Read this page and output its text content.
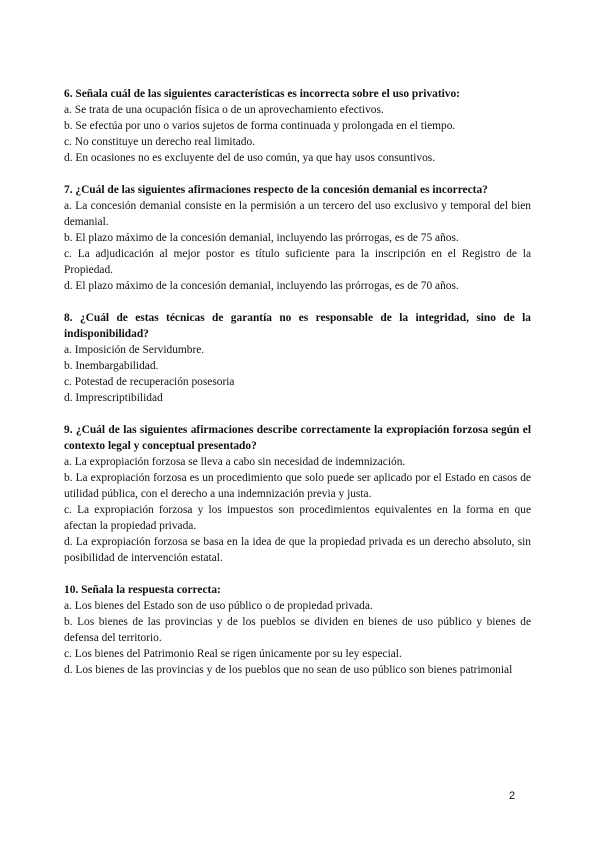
6. Señala cuál de las siguientes características es incorrecta sobre el uso privativo:

a. Se trata de una ocupación física o de un aprovechamiento efectivos.

b. Se efectúa por uno o varios sujetos de forma continuada y prolongada en el tiempo.

c. No constituye un derecho real limitado.

d. En ocasiones no es excluyente del de uso común, ya que hay usos consuntivos.

7. ¿Cuál de las siguientes afirmaciones respecto de la concesión demanial es incorrecta?

a. La concesión demanial consiste en la permisión a un tercero del uso exclusivo y temporal del bien demanial.

b. El plazo máximo de la concesión demanial, incluyendo las prórrogas, es de 75 años.

c. La adjudicación al mejor postor es título suficiente para la inscripción en el Registro de la Propiedad.

d. El plazo máximo de la concesión demanial, incluyendo las prórrogas, es de 70 años.

8. ¿Cuál de estas técnicas de garantía no es responsable de la integridad, sino de la indisponibilidad?

a. Imposición de Servidumbre.

b. Inembargabilidad.

c. Potestad de recuperación posesoria

d. Imprescriptibilidad

9. ¿Cuál de las siguientes afirmaciones describe correctamente la expropiación forzosa según el contexto legal y conceptual presentado?

a. La expropiación forzosa se lleva a cabo sin necesidad de indemnización.

b. La expropiación forzosa es un procedimiento que solo puede ser aplicado por el Estado en casos de utilidad pública, con el derecho a una indemnización previa y justa.

c. La expropiación forzosa y los impuestos son procedimientos equivalentes en la forma en que afectan la propiedad privada.

d. La expropiación forzosa se basa en la idea de que la propiedad privada es un derecho absoluto, sin posibilidad de intervención estatal.

10. Señala la respuesta correcta:

a. Los bienes del Estado son de uso público o de propiedad privada.

b. Los bienes de las provincias y de los pueblos se dividen en bienes de uso público y bienes de defensa del territorio.

c. Los bienes del Patrimonio Real se rigen únicamente por su ley especial.

d. Los bienes de las provincias y de los pueblos que no sean de uso público son bienes patrimonial

2
